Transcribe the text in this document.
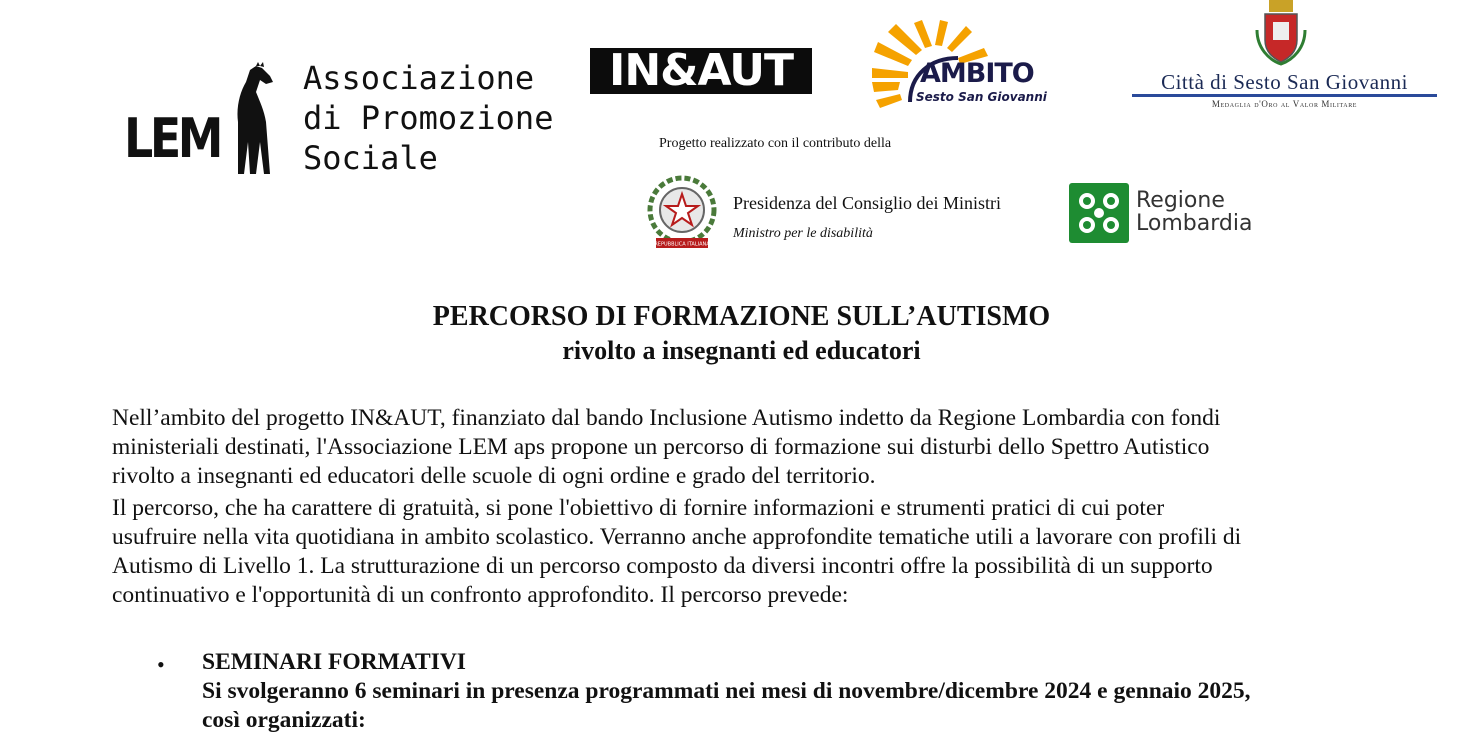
LEM
Associazione
di Promozione
Sociale
IN&AUT	AMBITO
Sesto San Giovanni
Città di Sesto San Giovanni
Medaglia d'Oro al Valor Militare
Progetto realizzato con il contributo della
REPUBBLICA ITALIANA
Presidenza del Consiglio dei Ministri
Ministro per le disabilità
Regione
Lombardia
PERCORSO DI FORMAZIONE SULL’AUTISMO
rivolto a insegnanti ed educatori
Nell’ambito del progetto IN&AUT, finanziato dal bando Inclusione Autismo indetto da Regione Lombardia con fondi
ministeriali destinati, l'Associazione LEM aps propone un percorso di formazione sui disturbi dello Spettro Autistico
rivolto a insegnanti ed educatori delle scuole di ogni ordine e grado del territorio.
Il percorso, che ha carattere di gratuità, si pone l'obiettivo di fornire informazioni e strumenti pratici di cui poter
usufruire nella vita quotidiana in ambito scolastico. Verranno anche approfondite tematiche utili a lavorare con profili di
Autismo di Livello 1. La strutturazione di un percorso composto da diversi incontri offre la possibilità di un supporto
continuativo e l'opportunità di un confronto approfondito. Il percorso prevede:
• SEMINARI FORMATIVI
Si svolgeranno 6 seminari in presenza programmati nei mesi di novembre/dicembre 2024 e gennaio 2025,
così organizzati:
